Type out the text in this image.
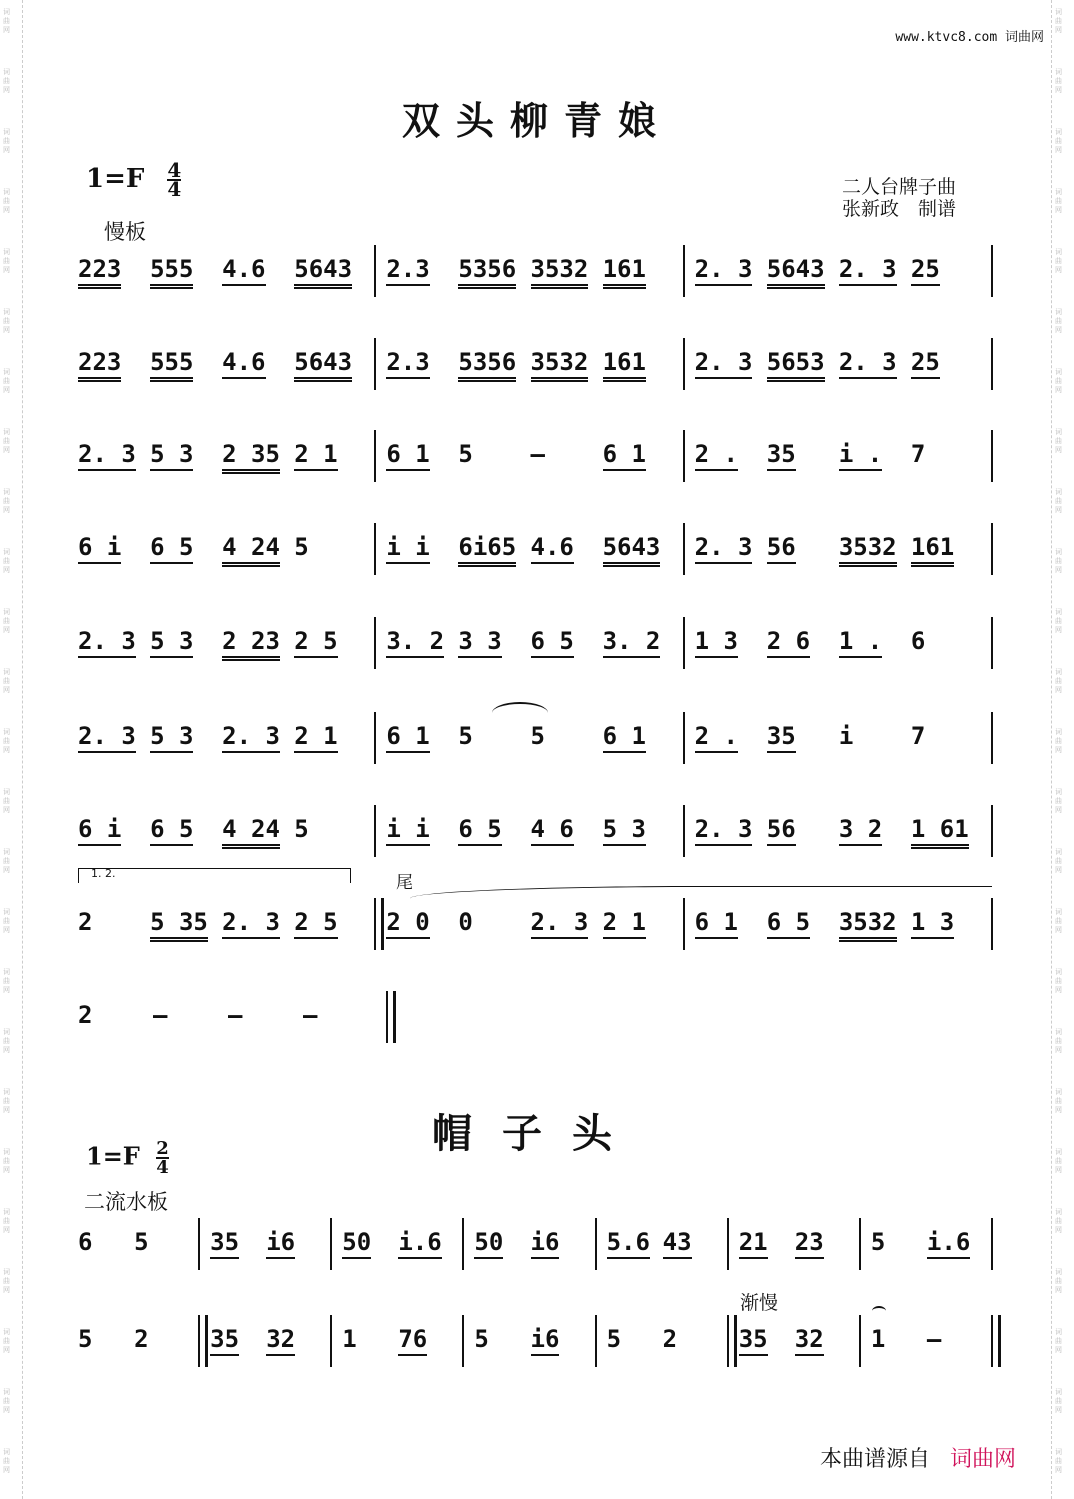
词曲网
词曲网
词曲网
词曲网
词曲网
词曲网
词曲网
词曲网
词曲网
词曲网
词曲网
词曲网
词曲网
词曲网
词曲网
词曲网
词曲网
词曲网
词曲网
词曲网
词曲网
词曲网
词曲网
词曲网
词曲网
词曲网
词曲网
词曲网
词曲网
词曲网
词曲网
词曲网
词曲网
词曲网
词曲网
词曲网
词曲网
词曲网
词曲网
词曲网
词曲网
词曲网
词曲网
词曲网
词曲网
词曲网
词曲网
词曲网
词曲网
词曲网
www.ktvc8.com 词曲网
双头柳青娘
$1=F \frac{4}{4}$
慢板
二人台牌子曲
张新政　制谱
223 555 4.6 5643 2.3 5356 3532 161 2. 3 5643 2. 3 25
223 555 4.6 5643 2.3 5356 3532 161 2. 3 5653 2. 3 25
2. 3 5 3 2 35 2 1 6 1 5 – 6 1 2 . 35 i . 7
6 i 6 5 4 24 5	i i 6i65 4.6 5643 2. 3 56 3532 161
2. 3 5 3 2 23 2 5 3. 2 3 3 6 5 3. 2 1 3 2 6 1 . 6
2. 3 5 3 2. 3 2 1 6 1 5 5 6 1 2 . 35 i 7
6 i 6 5 4 24 5	i i 6 5 4 6 5 3 2. 3 56 3 2 1 61
2 5 35 2. 3 2 5 2 0 0 2. 3 2 1 6 1 6 5 3532 1 3
2	–	–	–
1. 2.	尾
帽子头
$1=F \frac{2}{4}$
二流水板
渐慢
6 5	35 i6 50 i.6 50 i6 5.6 43 21 23 5 i.6
5 2	35 32 1 76 5 i6 5 2	35 32 1 –
本曲谱源自 词曲网
